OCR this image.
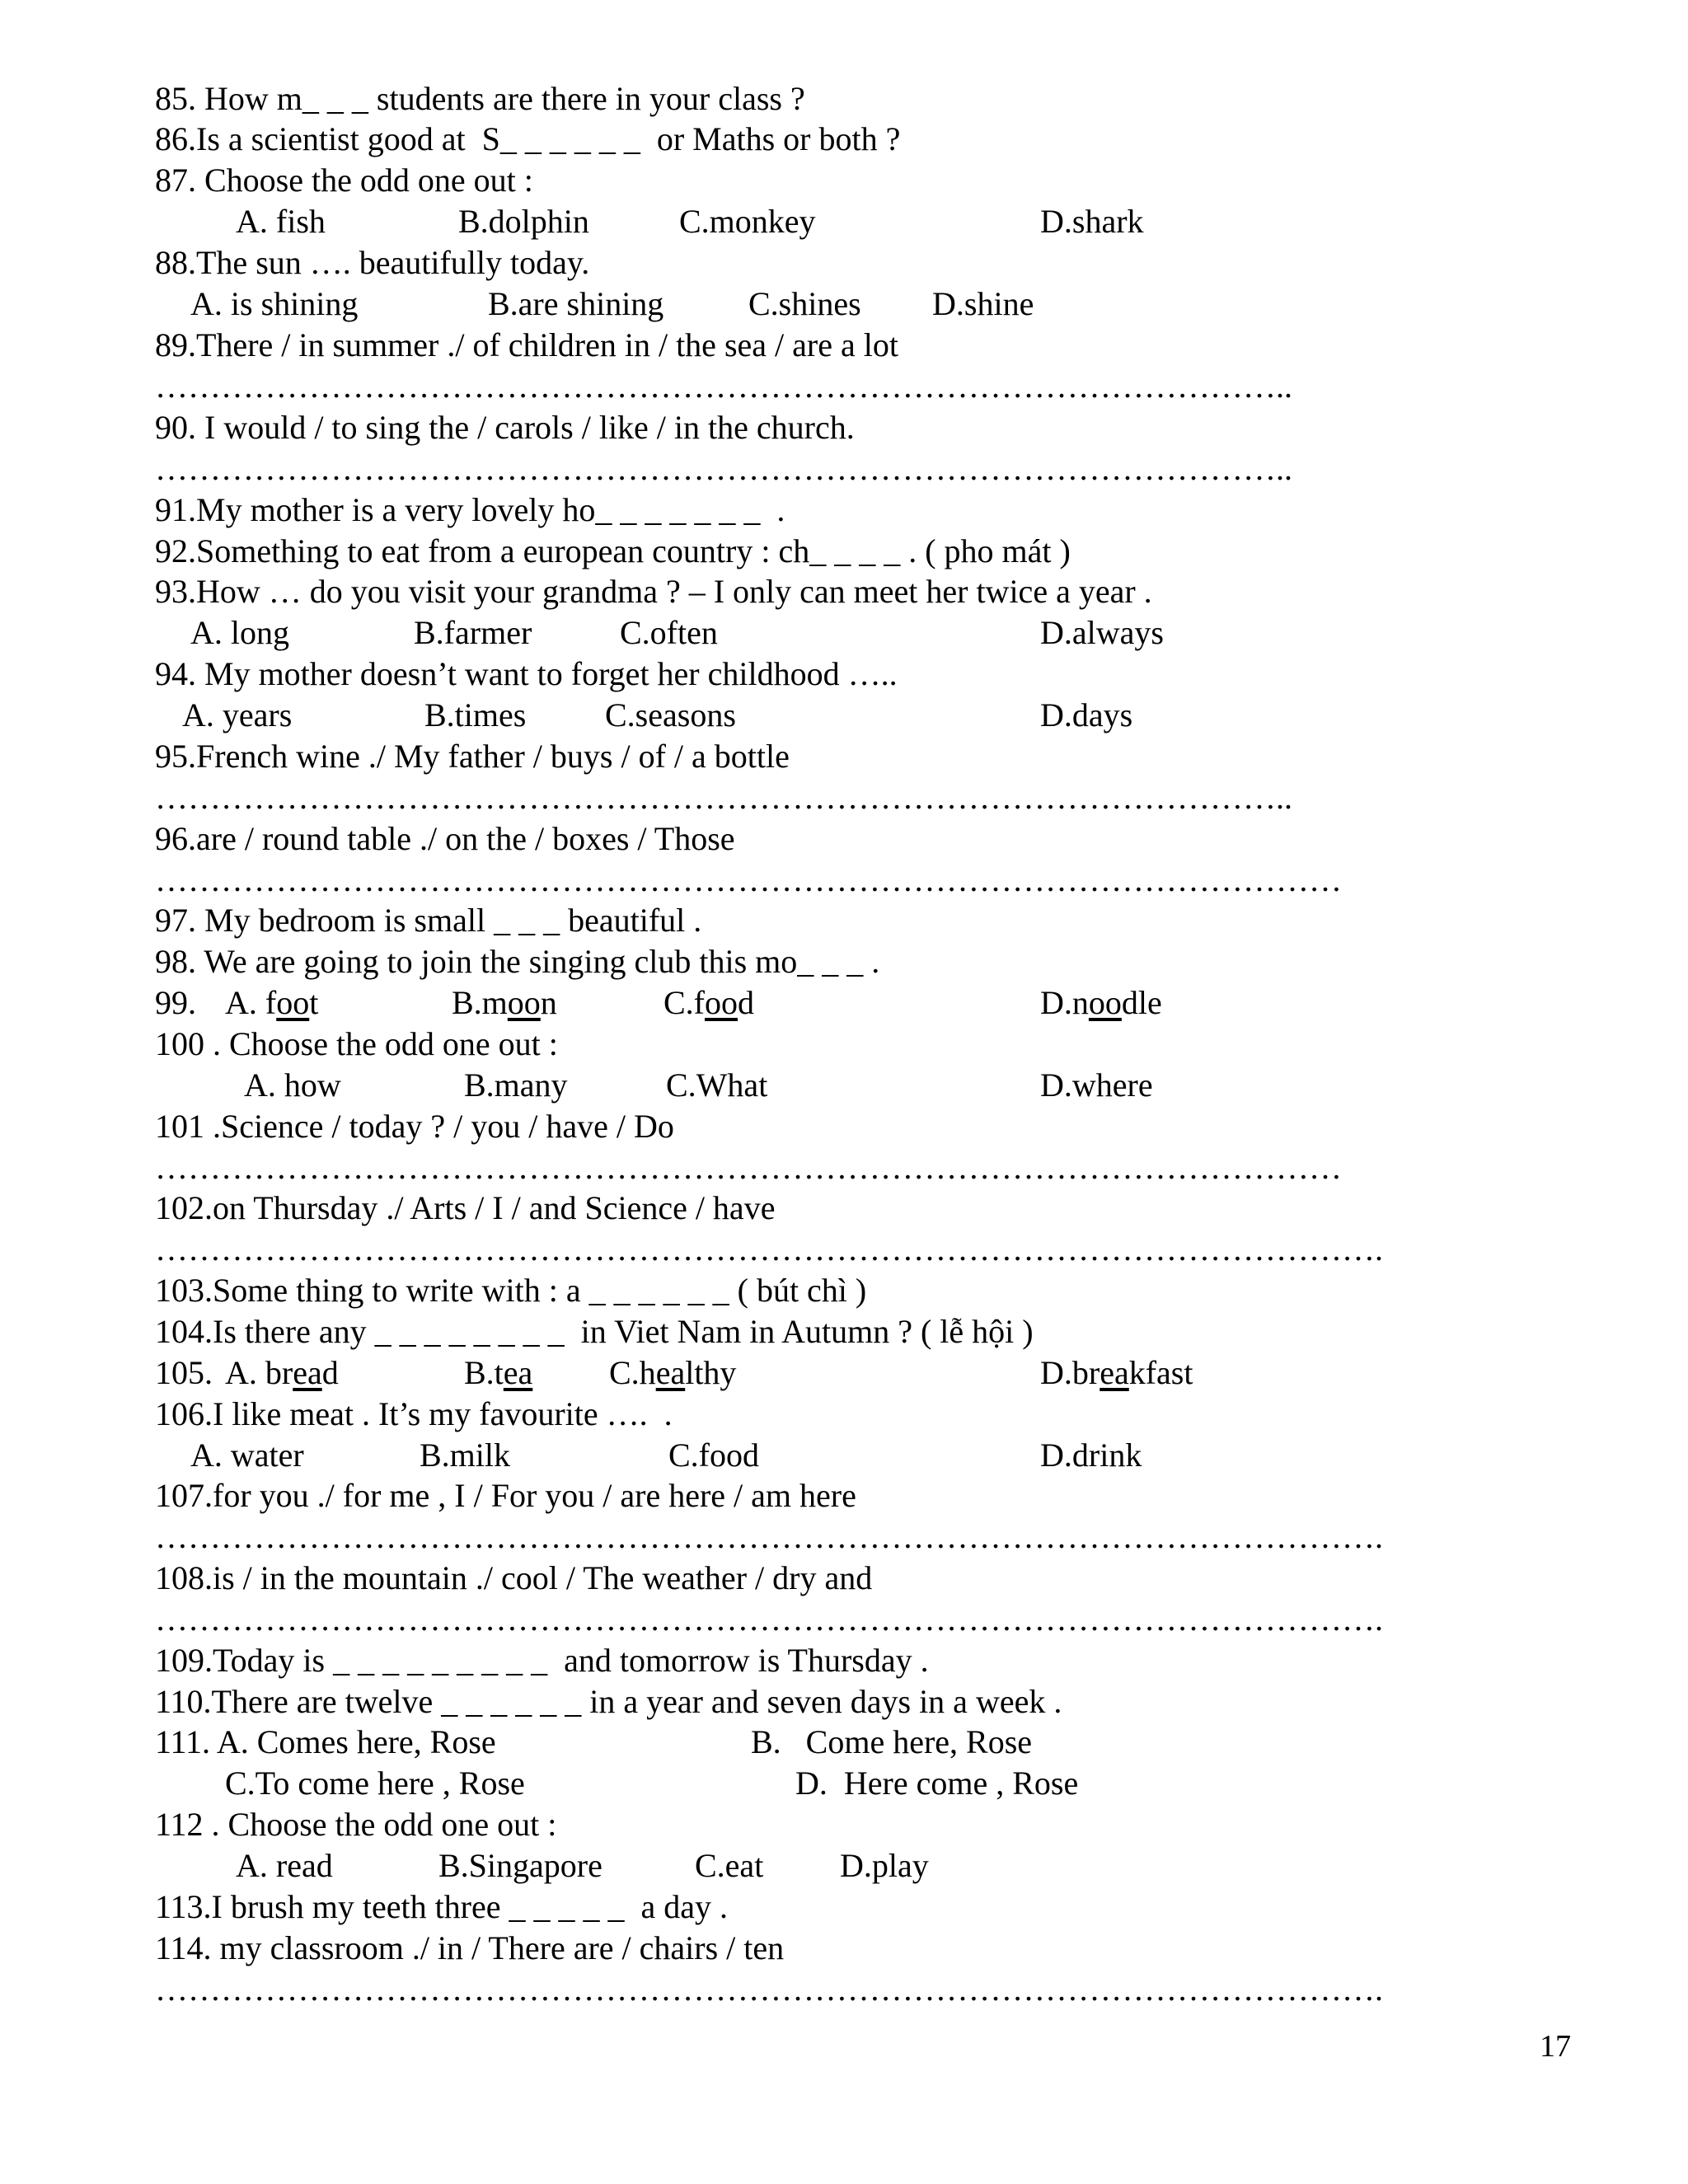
85. How m_ _ _ students are there in your class ?
86.Is a scientist good at  S_ _ _ _ _ _  or Maths or both ?
87. Choose the odd one out :
A. fish	B.dolphin	C.monkey	D.shark
88.The sun …. beautifully today.
A. is shining	B.are shining	C.shines D.shine
89.There / in summer ./ of children in / the sea / are a lot
…………………………………………………………………………………………..
90. I would / to sing the / carols / like / in the church.
…………………………………………………………………………………………..
91.My mother is a very lovely ho_ _ _ _ _ _ _  .
92.Something to eat from a european country : ch_ _ _ _ . ( pho mát )
93.How … do you visit your grandma ? – I only can meet her twice a year .
A. long	B.farmer	C.often	D.always
94. My mother doesn’t want to forget her childhood …..
A. years	B.times C.seasons	D.days
95.French wine ./ My father / buys / of / a bottle
…………………………………………………………………………………………..
96.are / round table ./ on the / boxes / Those
………………………………………………………………………………………………
97. My bedroom is small _ _ _ beautiful .
98. We are going to join the singing club this mo_ _ _ .
99. A. foot	B.moon	C.food	D.noodle
100 . Choose the odd one out :
A. how	B.many	C.What	D.where
101 .Science / today ? / you / have / Do
………………………………………………………………………………………………
102.on Thursday ./ Arts / I / and Science / have
………………………………………………………………………………………………….
103.Some thing to write with : a _ _ _ _ _ _ ( bút chì )
104.Is there any _ _ _ _ _ _ _ _  in Viet Nam in Autumn ? ( lễ hội )
105. A. bread	B.tea C.healthy	D.breakfast
106.I like meat . It’s my favourite ….  .
A. water	B.milk	C.food	D.drink
107.for you ./ for me , I / For you / are here / am here
………………………………………………………………………………………………….
108.is / in the mountain ./ cool / The weather / dry and
………………………………………………………………………………………………….
109.Today is _ _ _ _ _ _ _ _ _  and tomorrow is Thursday .
110.There are twelve _ _ _ _ _ _ in a year and seven days in a week .
111. A. Comes here, Rose	B.   Come here, Rose
C.To come here , Rose	D.  Here come , Rose
112 . Choose the odd one out :
A. read	B.Singapore	C.eat D.play
113.I brush my teeth three _ _ _ _ _  a day .
114. my classroom ./ in / There are / chairs / ten
………………………………………………………………………………………………….
17
